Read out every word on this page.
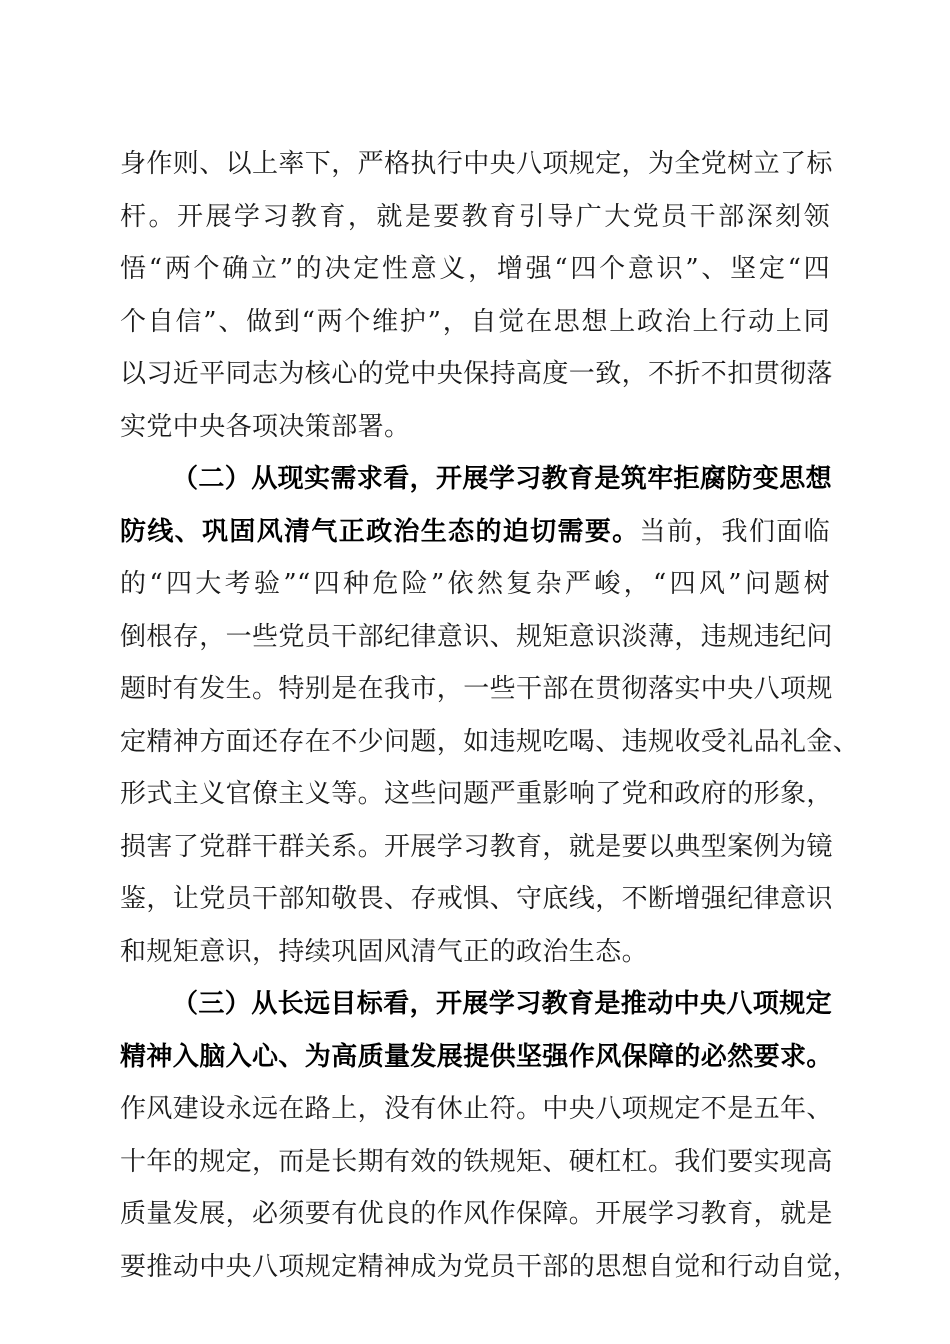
身作则、以上率下，严格执行中央八项规定，为全党树立了标
杆。开展学习教育，就是要教育引导广大党员干部深刻领
悟“两个确立”的决定性意义，增强“四个意识”、坚定“四
个自信”、做到“两个维护”，自觉在思想上政治上行动上同
以习近平同志为核心的党中央保持高度一致，不折不扣贯彻落
实党中央各项决策部署。
（二）从现实需求看，开展学习教育是筑牢拒腐防变思想
防线、巩固风清气正政治生态的迫切需要。当前，我们面临
的“四大考验”“四种危险”依然复杂严峻，“四风”问题树
倒根存，一些党员干部纪律意识、规矩意识淡薄，违规违纪问
题时有发生。特别是在我市，一些干部在贯彻落实中央八项规
定精神方面还存在不少问题，如违规吃喝、违规收受礼品礼金、
形式主义官僚主义等。这些问题严重影响了党和政府的形象，
损害了党群干群关系。开展学习教育，就是要以典型案例为镜
鉴，让党员干部知敬畏、存戒惧、守底线，不断增强纪律意识
和规矩意识，持续巩固风清气正的政治生态。
（三）从长远目标看，开展学习教育是推动中央八项规定
精神入脑入心、为高质量发展提供坚强作风保障的必然要求。
作风建设永远在路上，没有休止符。中央八项规定不是五年、
十年的规定，而是长期有效的铁规矩、硬杠杠。我们要实现高
质量发展，必须要有优良的作风作保障。开展学习教育，就是
要推动中央八项规定精神成为党员干部的思想自觉和行动自觉，
